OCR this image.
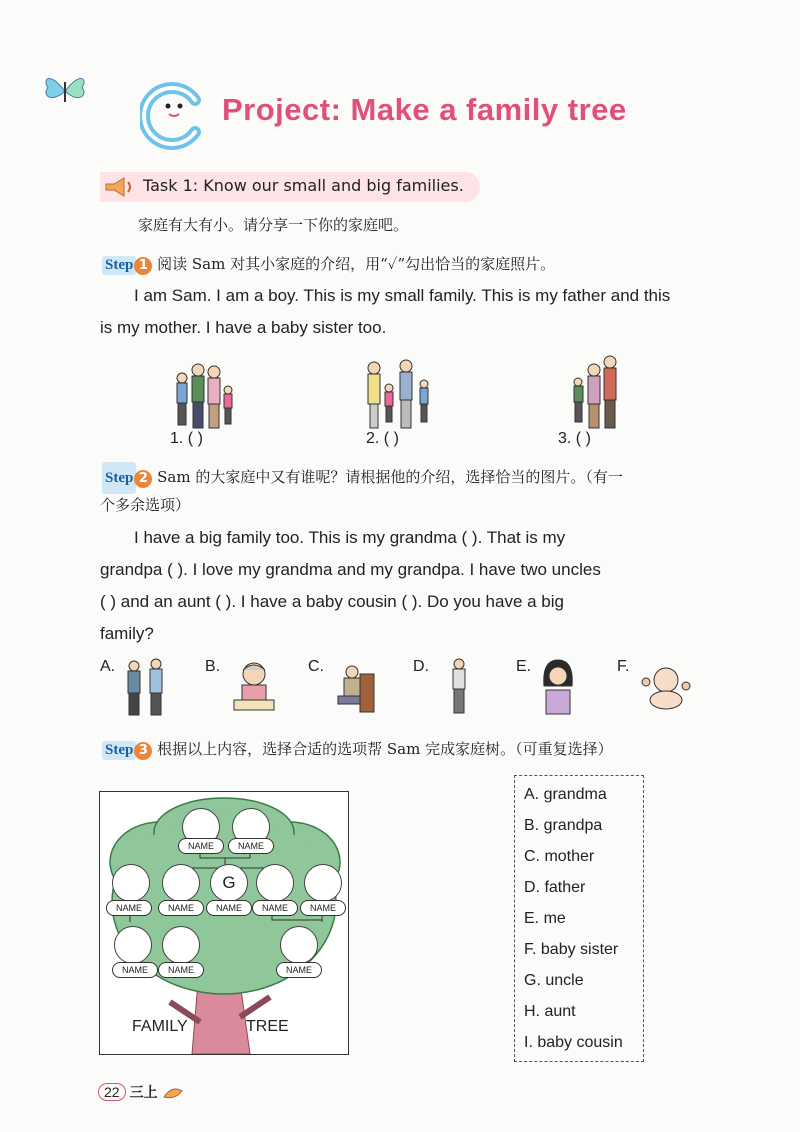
Project: Make a family tree
Task 1: Know our small and big families.
家庭有大有小。请分享一下你的家庭吧。
Step 1 阅读 Sam 对其小家庭的介绍，用“✓”勾出恰当的家庭照片。
I am Sam. I am a boy. This is my small family. This is my father and this
is my mother. I have a baby sister too.
1. ( )	2. ( )	3. ( )
Step 2 Sam 的大家庭中又有谁呢？请根据他的介绍，选择恰当的图片。（有一
个多余选项）
I have a big family too. This is my grandma ( ). That is my
grandpa ( ). I love my grandma and my grandpa. I have two uncles
( ) and an aunt ( ). I have a baby cousin ( ). Do you have a big
family?
A.	B.	C.	D.	E.	F.
Step 3 根据以上内容，选择合适的选项帮 Sam 完成家庭树。（可重复选择）
NAME	NAME
G
NAME	NAME	NAME	NAME	NAME
NAME	NAME	NAME
FAMILY	TREE
A. grandma
B. grandpa
C. mother
D. father
E. me
F. baby sister
G. uncle
H. aunt
I. baby cousin
22 三上
